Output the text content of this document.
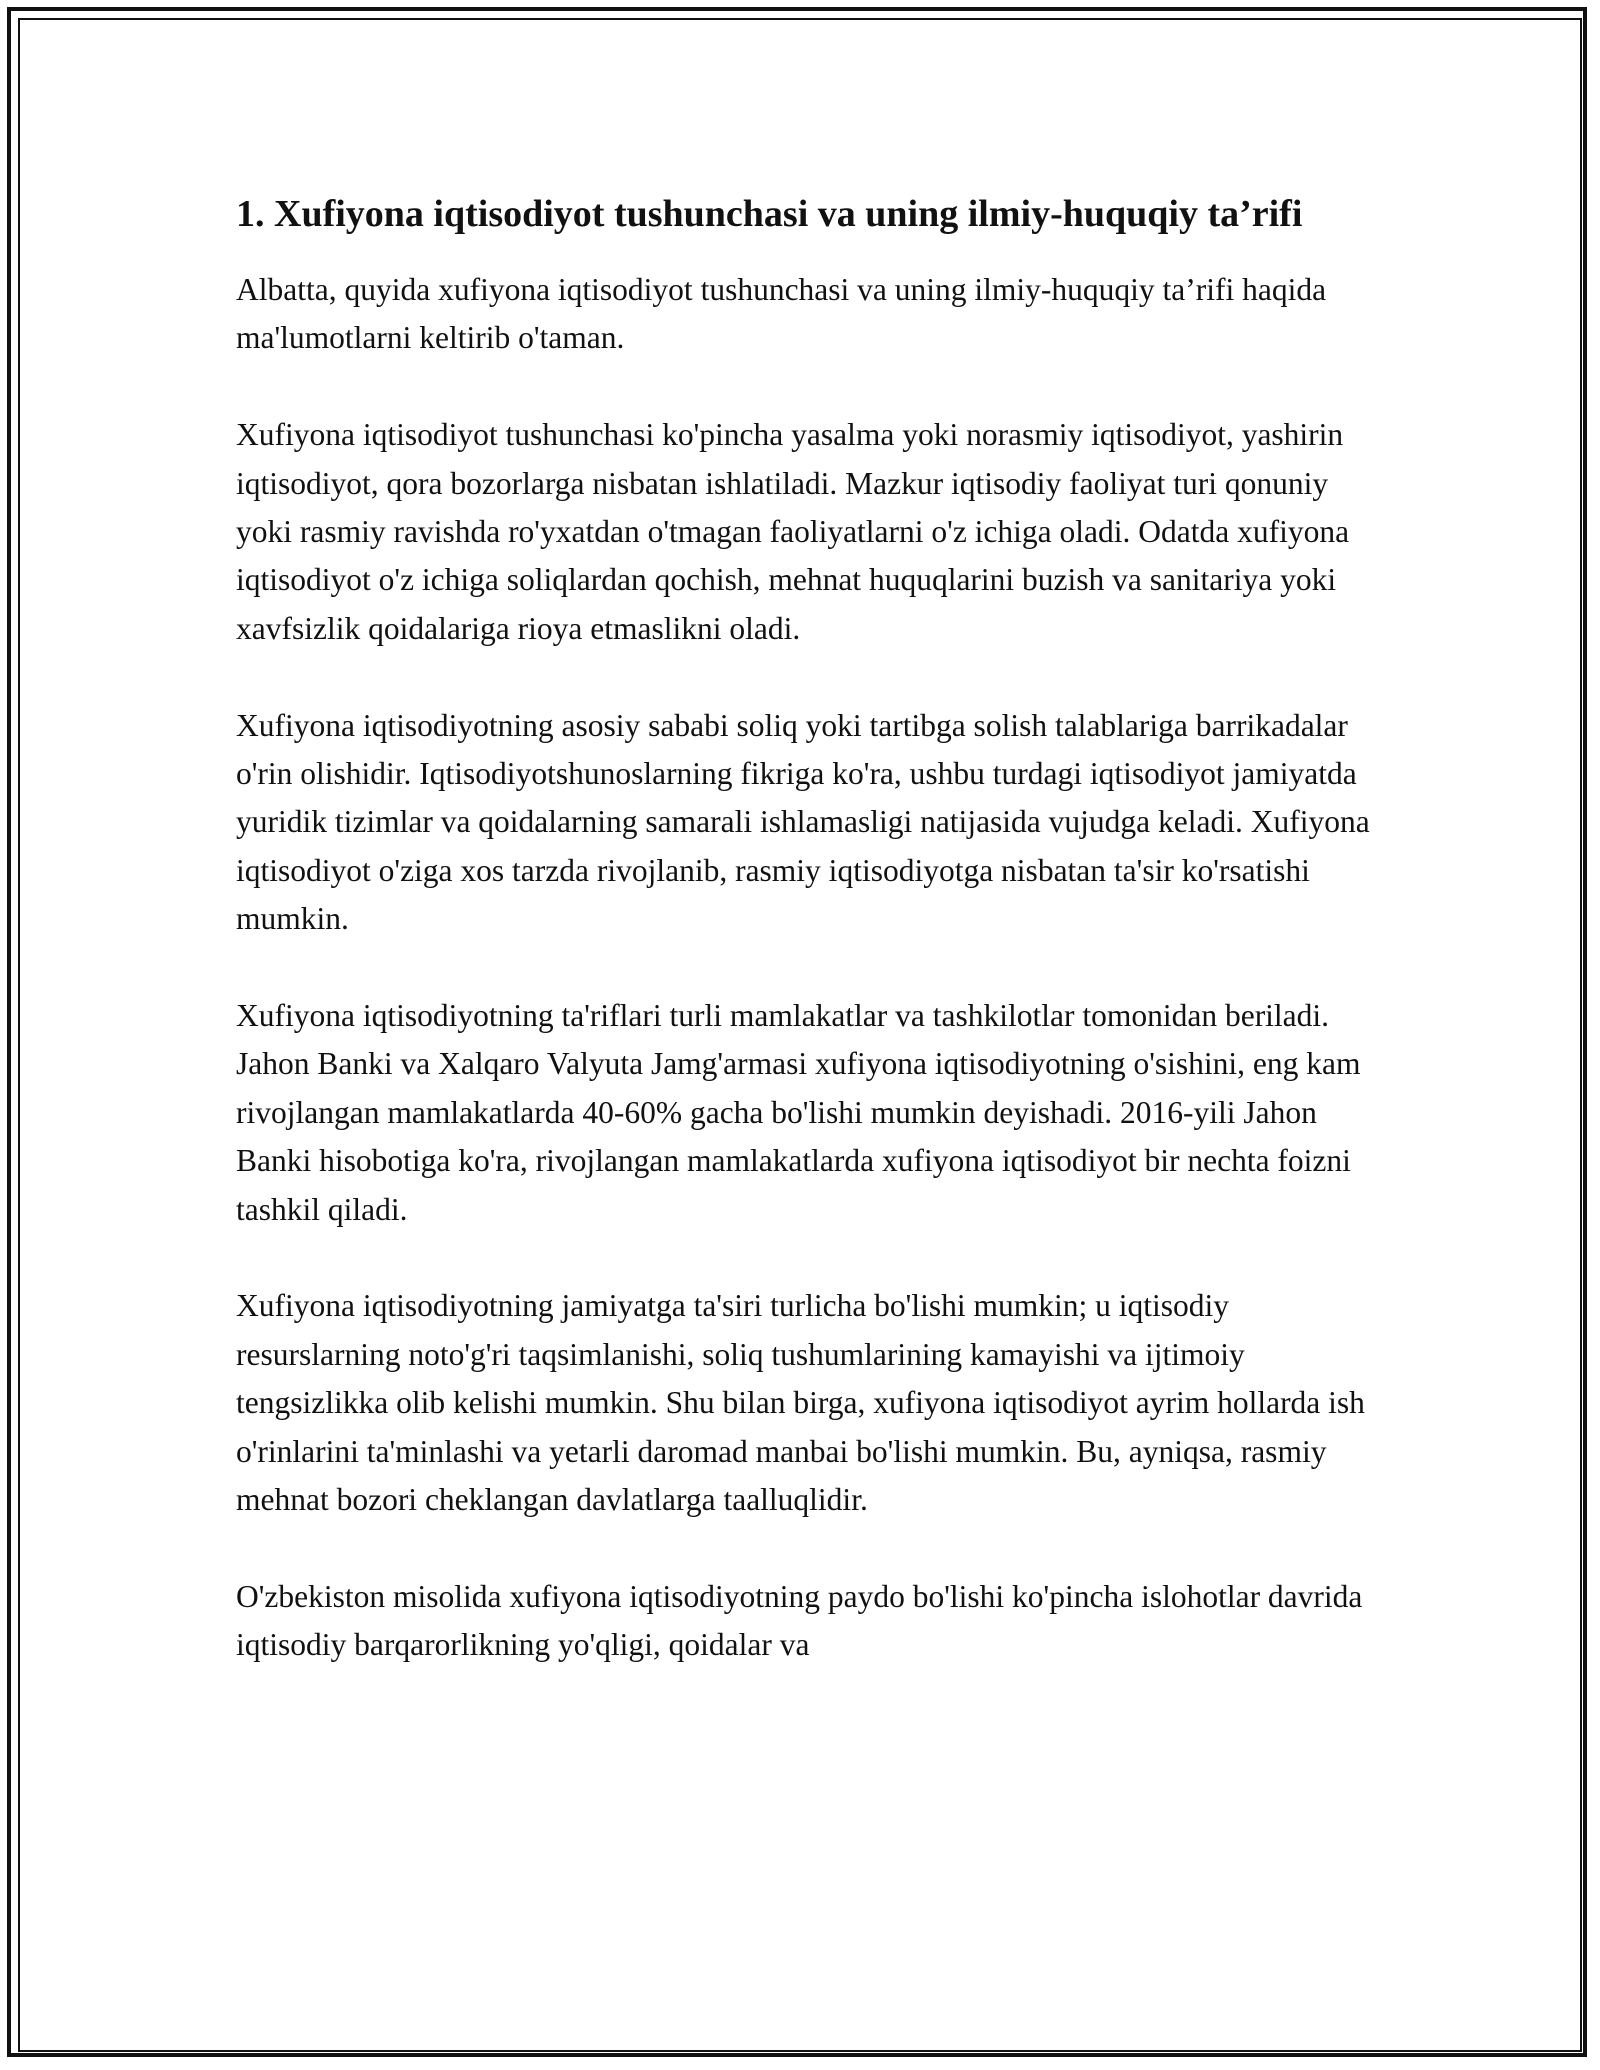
1. Xufiyona iqtisodiyot tushunchasi va uning ilmiy-huquqiy ta’rifi

Albatta, quyida xufiyona iqtisodiyot tushunchasi va uning ilmiy-huquqiy ta’rifi haqida ma'lumotlarni keltirib o'taman.

Xufiyona iqtisodiyot tushunchasi ko'pincha yasalma yoki norasmiy iqtisodiyot, yashirin iqtisodiyot, qora bozorlarga nisbatan ishlatiladi. Mazkur iqtisodiy faoliyat turi qonuniy yoki rasmiy ravishda ro'yxatdan o'tmagan faoliyatlarni o'z ichiga oladi. Odatda xufiyona iqtisodiyot o'z ichiga soliqlardan qochish, mehnat huquqlarini buzish va sanitariya yoki xavfsizlik qoidalariga rioya etmaslikni oladi.

Xufiyona iqtisodiyotning asosiy sababi soliq yoki tartibga solish talablariga barrikadalar o'rin olishidir. Iqtisodiyotshunoslarning fikriga ko'ra, ushbu turdagi iqtisodiyot jamiyatda yuridik tizimlar va qoidalarning samarali ishlamasligi natijasida vujudga keladi. Xufiyona iqtisodiyot o'ziga xos tarzda rivojlanib, rasmiy iqtisodiyotga nisbatan ta'sir ko'rsatishi mumkin.

Xufiyona iqtisodiyotning ta'riflari turli mamlakatlar va tashkilotlar tomonidan beriladi. Jahon Banki va Xalqaro Valyuta Jamg'armasi xufiyona iqtisodiyotning o'sishini, eng kam rivojlangan mamlakatlarda 40-60% gacha bo'lishi mumkin deyishadi. 2016-yili Jahon Banki hisobotiga ko'ra, rivojlangan mamlakatlarda xufiyona iqtisodiyot bir nechta foizni tashkil qiladi.

Xufiyona iqtisodiyotning jamiyatga ta'siri turlicha bo'lishi mumkin; u iqtisodiy resurslarning noto'g'ri taqsimlanishi, soliq tushumlarining kamayishi va ijtimoiy tengsizlikka olib kelishi mumkin. Shu bilan birga, xufiyona iqtisodiyot ayrim hollarda ish o'rinlarini ta'minlashi va yetarli daromad manbai bo'lishi mumkin. Bu, ayniqsa, rasmiy mehnat bozori cheklangan davlatlarga taalluqlidir.

O'zbekiston misolida xufiyona iqtisodiyotning paydo bo'lishi ko'pincha islohotlar davrida iqtisodiy barqarorlikning yo'qligi, qoidalar va
